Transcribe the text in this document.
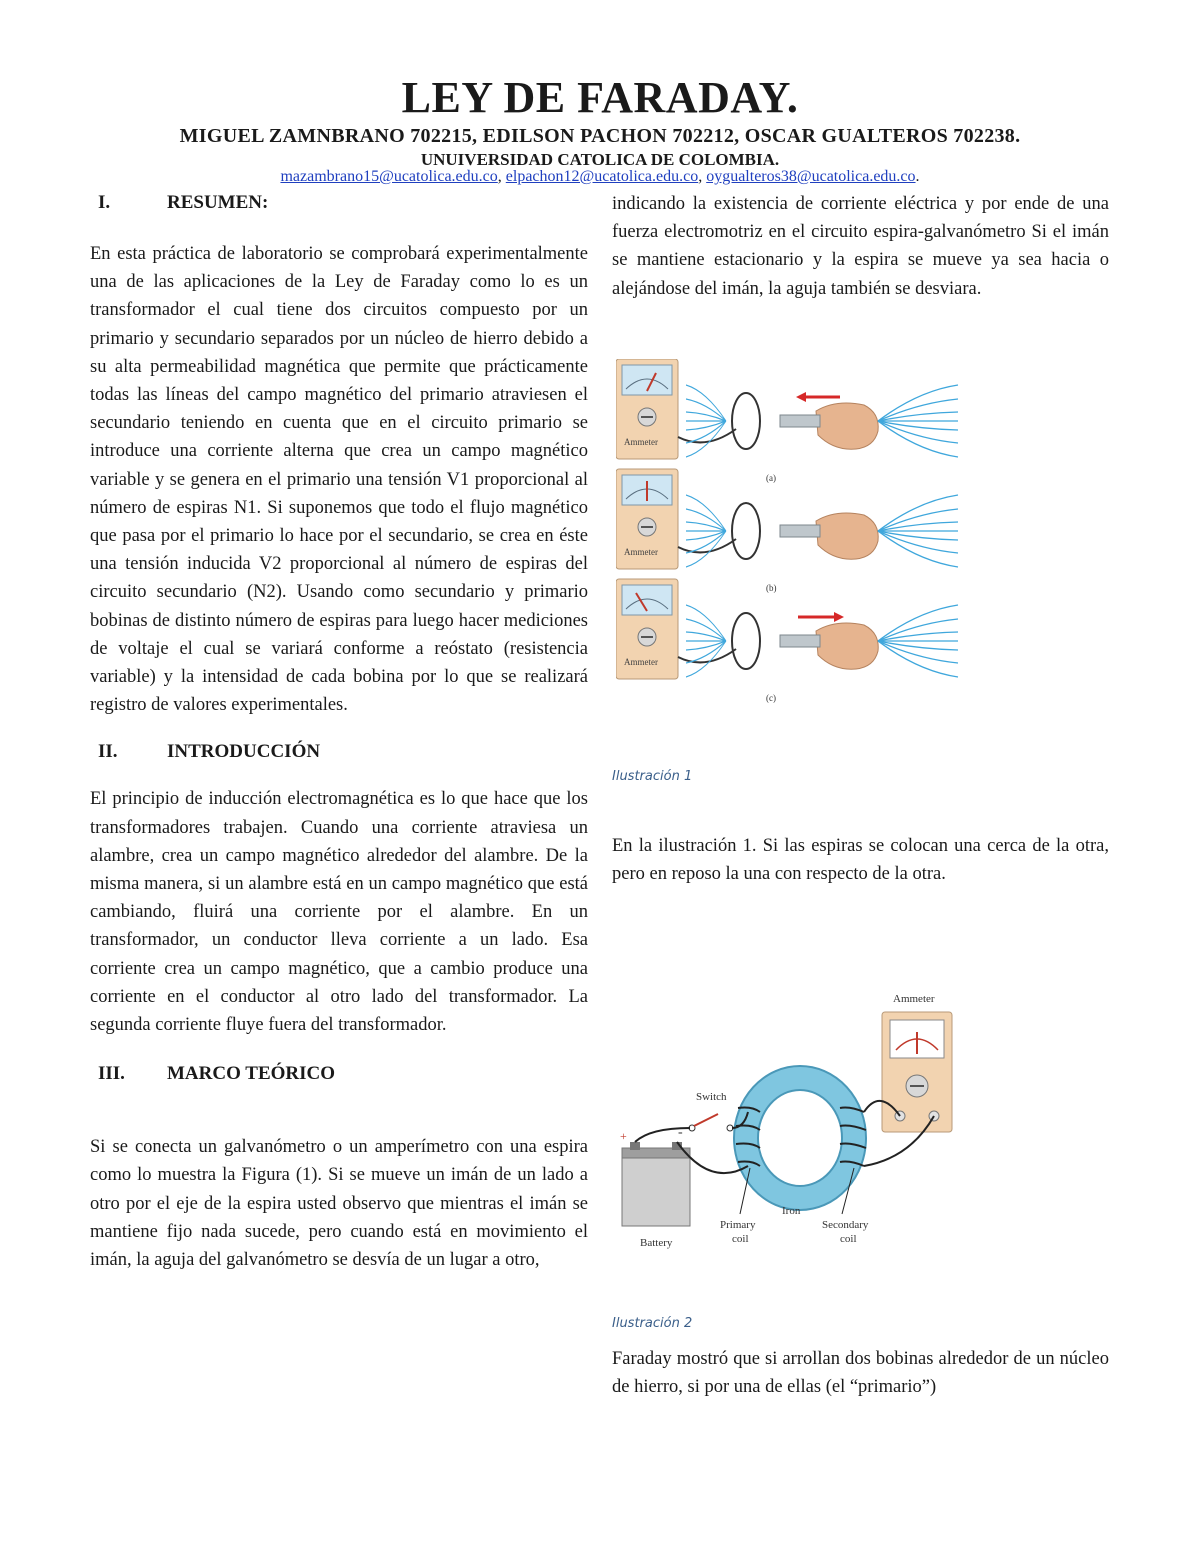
LEY DE FARADAY.
MIGUEL ZAMNBRANO 702215, EDILSON PACHON 702212, OSCAR GUALTEROS 702238.
UNUIVERSIDAD CATOLICA DE COLOMBIA.
mazambrano15@ucatolica.edu.co, elpachon12@ucatolica.edu.co, oygualteros38@ucatolica.edu.co.
I.	RESUMEN:

En esta práctica de laboratorio se comprobará experimentalmente una de las aplicaciones de la Ley de Faraday como lo es un transformador el cual tiene dos circuitos compuesto por un primario y secundario separados por un núcleo de hierro debido a su alta permeabilidad magnética que permite que prácticamente todas las líneas del campo magnético del primario atraviesen el secundario teniendo en cuenta que en el circuito primario se introduce una corriente alterna que crea un campo magnético variable y se genera en el primario una tensión V1 proporcional al número de espiras N1. Si suponemos que todo el flujo magnético que pasa por el primario lo hace por el secundario, se crea en éste una tensión inducida V2 proporcional al número de espiras del circuito secundario (N2). Usando como secundario y primario bobinas de distinto número de espiras para luego hacer mediciones de voltaje el cual se variará conforme a reóstato (resistencia variable) y la intensidad de cada bobina por lo que se realizará registro de valores experimentales.

II.	INTRODUCCIÓN

El principio de inducción electromagnética es lo que hace que los transformadores trabajen. Cuando una corriente atraviesa un alambre, crea un campo magnético alrededor del alambre. De la misma manera, si un alambre está en un campo magnético que está cambiando, fluirá una corriente por el alambre. En un transformador, un conductor lleva corriente a un lado. Esa corriente crea un campo magnético, que a cambio produce una corriente en el conductor al otro lado del transformador. La segunda corriente fluye fuera del transformador.

III.	MARCO TEÓRICO

Si se conecta un galvanómetro o un amperímetro con una espira como lo muestra la Figura (1). Si se mueve un imán de un lado a otro por el eje de la espira usted observo que mientras el imán se mantiene fijo nada sucede, pero cuando está en movimiento el imán, la aguja del galvanómetro se desvía de un lugar a otro,

indicando la existencia de corriente eléctrica y por ende de una fuerza electromotriz en el circuito espira-galvanómetro Si el imán se mantiene estacionario y la espira se mueve ya sea hacia o alejándose del imán, la aguja también se desviara.

Ammeter
(a)
Ammeter
(b)
Ammeter
(c)
Ilustración 1

En la ilustración 1. Si las espiras se colocan una cerca de la otra, pero en reposo la una con respecto de la otra.

Ammeter
Switch
+	-
Battery
Iron
Primary
coil
Secondary
coil
Ilustración 2

Faraday mostró que si arrollan dos bobinas alrededor de un núcleo de hierro, si por una de ellas (el “primario”)
